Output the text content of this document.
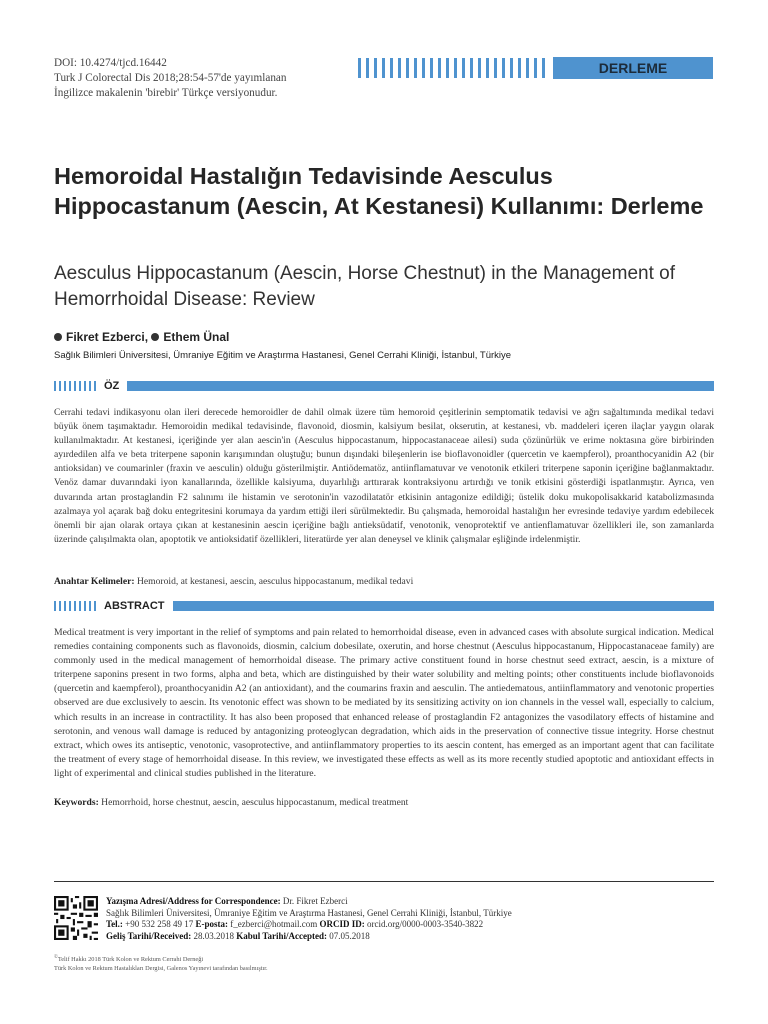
DOI: 10.4274/tjcd.16442
Turk J Colorectal Dis 2018;28:54-57'de yayımlanan
İngilizce makalenin 'birebir' Türkçe versiyonudur.
DERLEME
Hemoroidal Hastalığın Tedavisinde Aesculus Hippocastanum (Aescin, At Kestanesi) Kullanımı: Derleme
Aesculus Hippocastanum (Aescin, Horse Chestnut) in the Management of Hemorrhoidal Disease: Review
Fikret Ezberci, Ethem Ünal
Sağlık Bilimleri Üniversitesi, Ümraniye Eğitim ve Araştırma Hastanesi, Genel Cerrahi Kliniği, İstanbul, Türkiye
ÖZ
Cerrahi tedavi indikasyonu olan ileri derecede hemoroidler de dahil olmak üzere tüm hemoroid çeşitlerinin semptomatik tedavisi ve ağrı sağaltımında medikal tedavi büyük önem taşımaktadır. Hemoroidin medikal tedavisinde, flavonoid, diosmin, kalsiyum besilat, okserutin, at kestanesi, vb. maddeleri içeren ilaçlar yaygın olarak kullanılmaktadır. At kestanesi, içeriğinde yer alan aescin'in (Aesculus hippocastanum, hippocastanaceae ailesi) suda çözünürlük ve erime noktasına göre birbirinden ayırdedilen alfa ve beta triterpene saponin karışımından oluştuğu; bunun dışındaki bileşenlerin ise bioflavonoidler (quercetin ve kaempferol), proanthocyanidin A2 (bir antioksidan) ve coumarinler (fraxin ve aesculin) olduğu gösterilmiştir. Antiödematöz, antiinflamatuvar ve venotonik etkileri triterpene saponin içeriğine bağlanmaktadır. Venöz damar duvarındaki iyon kanallarında, özellikle kalsiyuma, duyarlılığı arttırarak kontraksiyonu artırdığı ve tonik etkisini gösterdiği ispatlanmıştır. Ayrıca, ven duvarında artan prostaglandin F2 salınımı ile histamin ve serotonin'in vazodilatatör etkisinin antagonize edildiği; üstelik doku mukopolisakkarid katabolizmasında azalmaya yol açarak bağ doku entegritesini korumaya da yardım ettiği ileri sürülmektedir. Bu çalışmada, hemoroidal hastalığın her evresinde tedaviye yardım edebilecek önemli bir ajan olarak ortaya çıkan at kestanesinin aescin içeriğine bağlı antieksüdatif, venotonik, venoprotektif ve antienflamatuvar özellikleri ile, son zamanlarda üzerinde çalışılmakta olan, apoptotik ve antioksidatif özellikleri, literatürde yer alan deneysel ve klinik çalışmalar eşliğinde irdelenmiştir.
Anahtar Kelimeler: Hemoroid, at kestanesi, aescin, aesculus hippocastanum, medikal tedavi
ABSTRACT
Medical treatment is very important in the relief of symptoms and pain related to hemorrhoidal disease, even in advanced cases with absolute surgical indication. Medical remedies containing components such as flavonoids, diosmin, calcium dobesilate, oxerutin, and horse chestnut (Aesculus hippocastanum, Hippocastanaceae family) are commonly used in the medical management of hemorrhoidal disease. The primary active constituent found in horse chestnut seed extract, aescin, is a mixture of triterpene saponins present in two forms, alpha and beta, which are distinguished by their water solubility and melting points; other constituents include bioflavonoids (quercetin and kaempferol), proanthocyanidin A2 (an antioxidant), and the coumarins fraxin and aesculin. The antiedematous, antiinflammatory and venotonic properties observed are due exclusively to aescin. Its venotonic effect was shown to be mediated by its sensitizing activity on ion channels in the vessel wall, especially to calcium, which results in an increase in contractility. It has also been proposed that enhanced release of prostaglandin F2 antagonizes the vasodilatory effects of histamine and serotonin, and venous wall damage is reduced by antagonizing proteoglycan degradation, which aids in the preservation of connective tissue integrity. Horse chestnut extract, which owes its antiseptic, venotonic, vasoprotective, and antiinflammatory properties to its aescin content, has emerged as an important agent that can facilitate the treatment of every stage of hemorrhoidal disease. In this review, we investigated these effects as well as its more recently studied apoptotic and antioxidant effects in light of experimental and clinical studies published in the literature.
Keywords: Hemorrhoid, horse chestnut, aescin, aesculus hippocastanum, medical treatment
Yazışma Adresi/Address for Correspondence: Dr. Fikret Ezberci
Sağlık Bilimleri Üniversitesi, Ümraniye Eğitim ve Araştırma Hastanesi, Genel Cerrahi Kliniği, İstanbul, Türkiye
Tel.: +90 532 258 49 17 E-posta: f_ezberci@hotmail.com ORCID ID: orcid.org/0000-0003-3540-3822
Geliş Tarihi/Received: 28.03.2018 Kabul Tarihi/Accepted: 07.05.2018
©Telif Hakkı 2018 Türk Kolon ve Rektum Cerrahi Derneği
Türk Kolon ve Rektum Hastalıkları Dergisi, Galenos Yayınevi tarafından basılmıştır.
